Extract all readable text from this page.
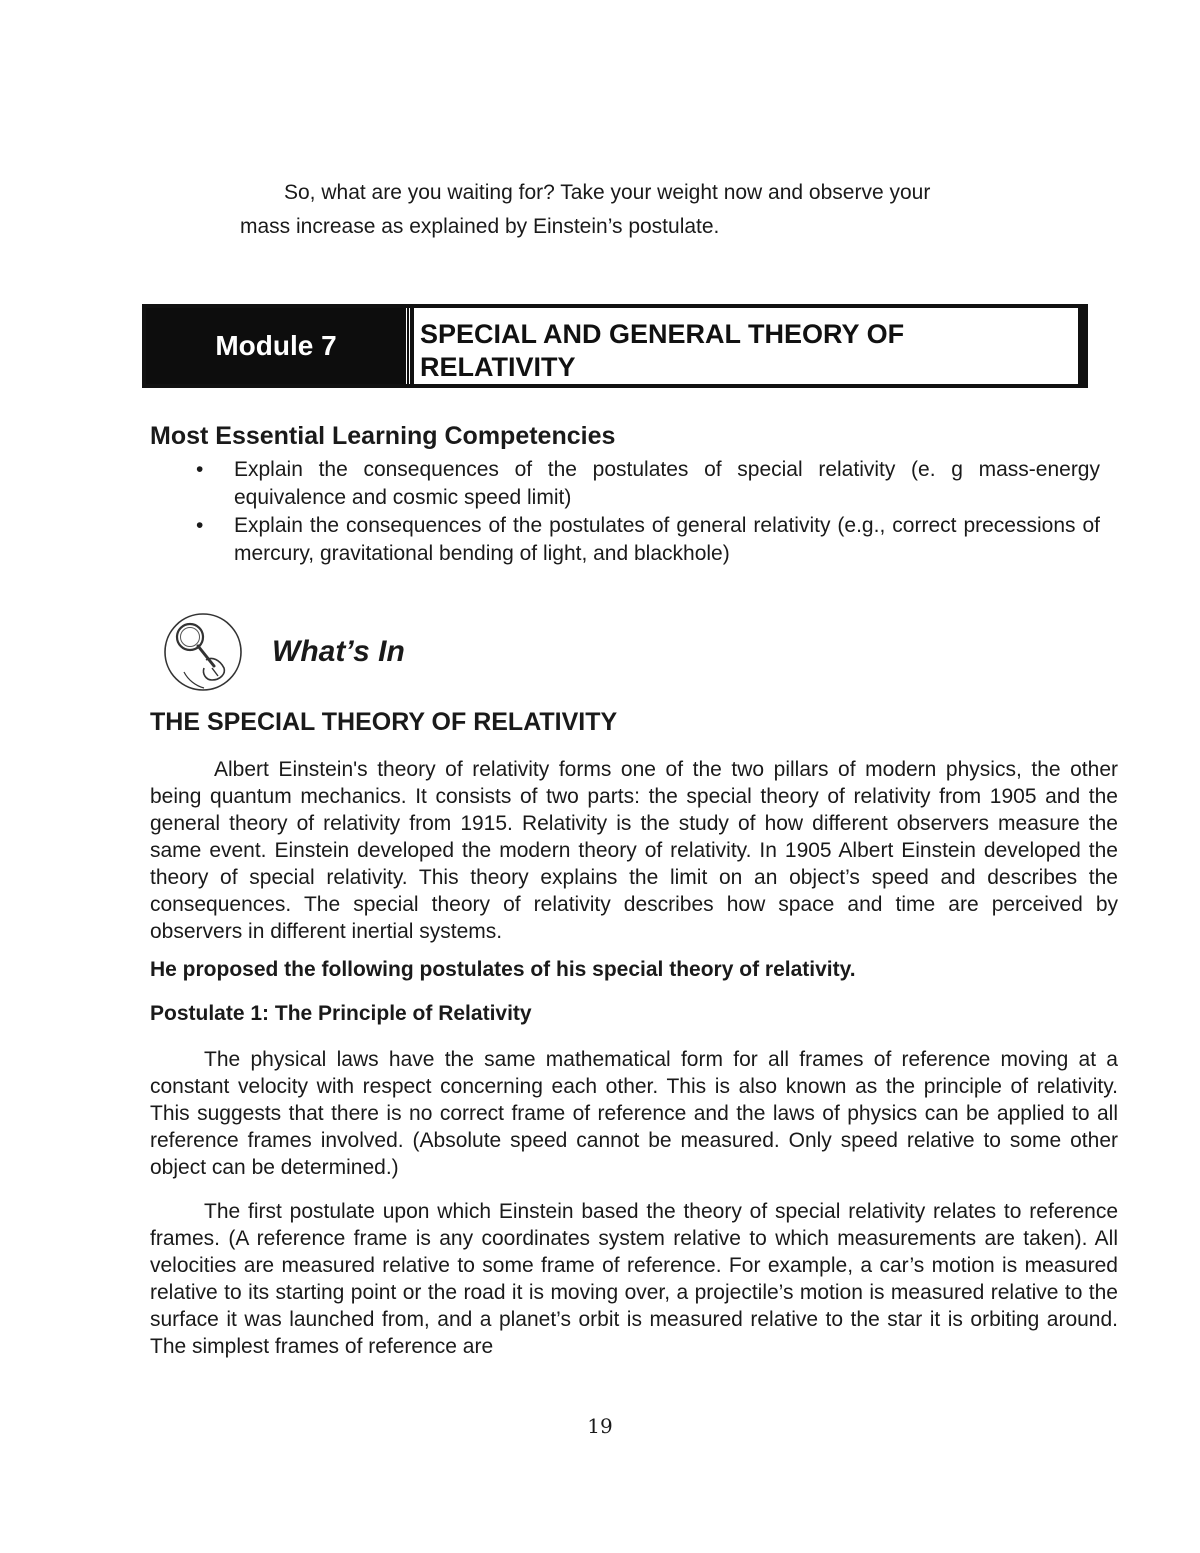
So, what are you waiting for? Take your weight now and observe your
mass increase as explained by Einstein’s postulate.

Module 7	SPECIAL AND GENERAL THEORY OF
RELATIVITY
Most Essential Learning Competencies
• Explain the consequences of the postulates of special relativity (e. g mass-energy equivalence and cosmic speed limit)
• Explain the consequences of the postulates of general relativity (e.g., correct precessions of mercury, gravitational bending of light, and blackhole)
What’s In
THE SPECIAL THEORY OF RELATIVITY

Albert Einstein's theory of relativity forms one of the two pillars of modern physics, the other being quantum mechanics. It consists of two parts: the special theory of relativity from 1905 and the general theory of relativity from 1915. Relativity is the study of how different observers measure the same event. Einstein developed the modern theory of relativity. In 1905 Albert Einstein developed the theory of special relativity. This theory explains the limit on an object’s speed and describes the consequences. The special theory of relativity describes how space and time are perceived by observers in different inertial systems.

He proposed the following postulates of his special theory of relativity.

Postulate 1: The Principle of Relativity

The physical laws have the same mathematical form for all frames of reference moving at a constant velocity with respect concerning each other. This is also known as the principle of relativity. This suggests that there is no correct frame of reference and the laws of physics can be applied to all reference frames involved. (Absolute speed cannot be measured. Only speed relative to some other object can be determined.)

The first postulate upon which Einstein based the theory of special relativity relates to reference frames. (A reference frame is any coordinates system relative to which measurements are taken). All velocities are measured relative to some frame of reference. For example, a car’s motion is measured relative to its starting point or the road it is moving over, a projectile’s motion is measured relative to the surface it was launched from, and a planet’s orbit is measured relative to the star it is orbiting around. The simplest frames of reference are

19
